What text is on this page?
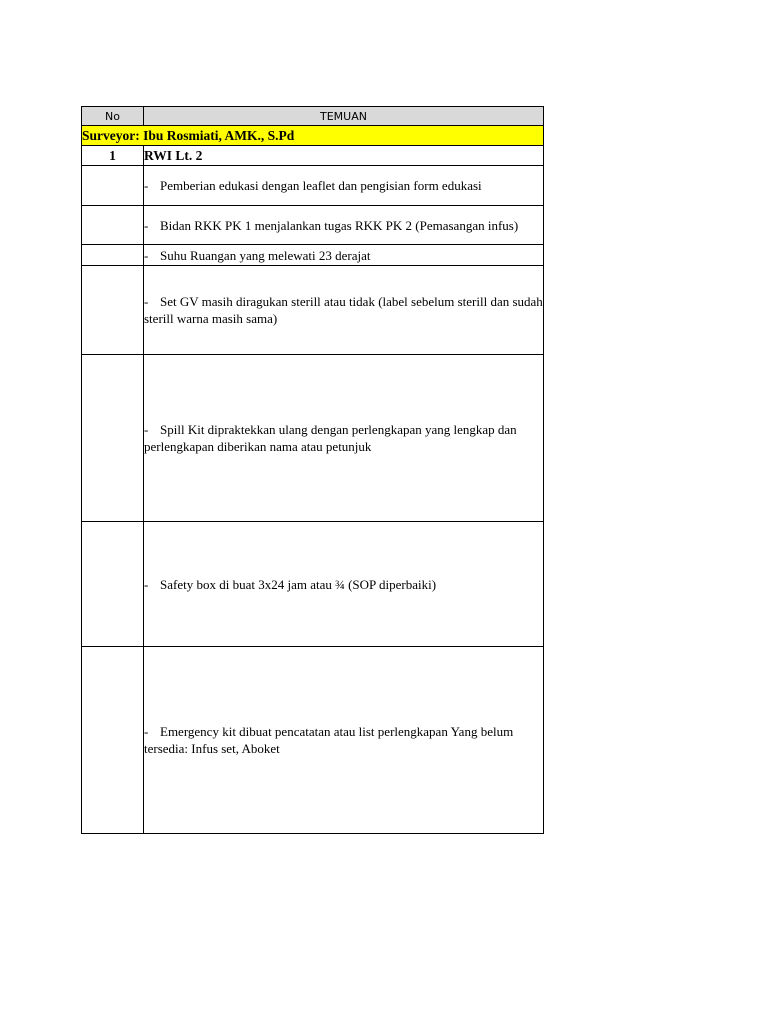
No	TEMUAN
Surveyor: Ibu Rosmiati, AMK., S.Pd	
1	RWI Lt. 2
	- Pemberian edukasi dengan leaflet dan pengisian form edukasi
	- Bidan RKK PK 1 menjalankan tugas RKK PK 2 (Pemasangan infus)
	- Suhu Ruangan yang melewati 23 derajat
	- Set GV masih diragukan sterill atau tidak (label sebelum sterill dan sudah sterill warna masih sama)
	- Spill Kit dipraktekkan ulang dengan perlengkapan yang lengkap dan perlengkapan diberikan nama atau petunjuk
	- Safety box di buat 3x24 jam atau ¾ (SOP diperbaiki)
	- Emergency kit dibuat pencatatan atau list perlengkapan Yang belum tersedia: Infus set, Aboket
